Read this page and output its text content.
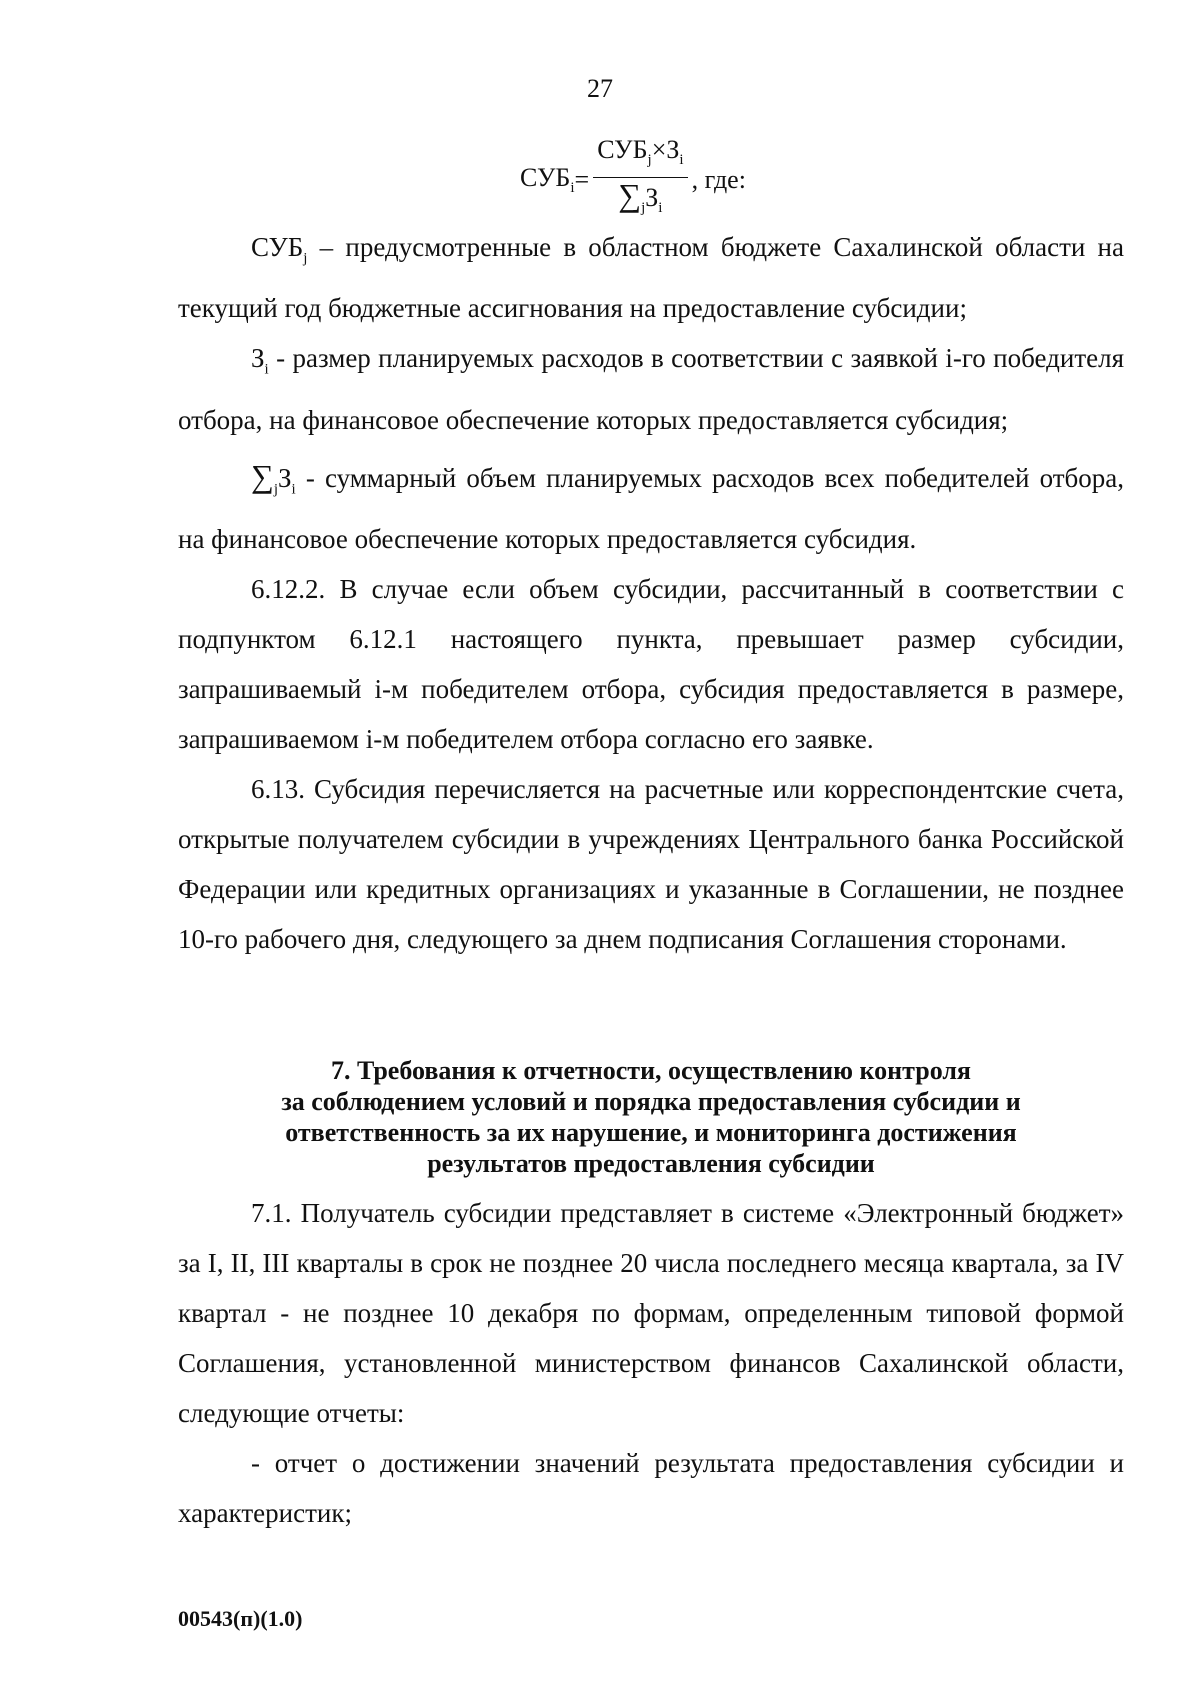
27
$СУБ_i = \frac{СУБ_j\times З_i}{\sum_jЗ_i}$ , где:

$СУБ_j$ – предусмотренные в областном бюджете Сахалинской области на текущий год бюджетные ассигнования на предоставление субсидии;

$З_i$ - размер планируемых расходов в соответствии с заявкой i-го победителя отбора, на финансовое обеспечение которых предоставляется субсидия;

$\sum_jЗ_i$ - суммарный объем планируемых расходов всех победителей отбора, на финансовое обеспечение которых предоставляется субсидия.

6.12.2. В случае если объем субсидии, рассчитанный в соответствии с подпунктом 6.12.1 настоящего пункта, превышает размер субсидии, запрашиваемый i-м победителем отбора, субсидия предоставляется в размере, запрашиваемом i-м победителем отбора согласно его заявке.

6.13. Субсидия перечисляется на расчетные или корреспондентские счета, открытые получателем субсидии в учреждениях Центрального банка Российской Федерации или кредитных организациях и указанные в Соглашении, не позднее 10-го рабочего дня, следующего за днем подписания Соглашения сторонами.

7. Требования к отчетности, осуществлению контроля
за соблюдением условий и порядка предоставления субсидии и
ответственность за их нарушение, и мониторинга достижения
результатов предоставления субсидии

7.1. Получатель субсидии представляет в системе «Электронный бюджет» за I, II, III кварталы в срок не позднее 20 числа последнего месяца квартала, за IV квартал - не позднее 10 декабря по формам, определенным типовой формой Соглашения, установленной министерством финансов Сахалинской области, следующие отчеты:

- отчет о достижении значений результата предоставления субсидии и характеристик;

00543(п)(1.0)
